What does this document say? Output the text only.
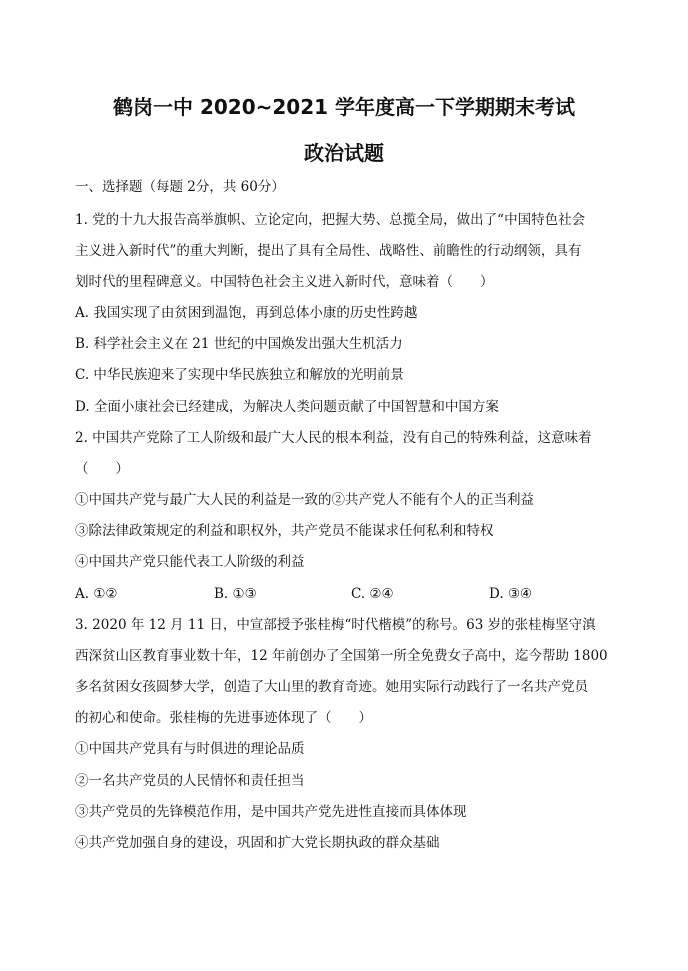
鹤岗一中 2020~2021 学年度高一下学期期末考试
政治试题
一、选择题（每题 2分，共 60分）
1. 党的十九大报告高举旗帜、立论定向，把握大势、总揽全局，做出了“中国特色社会
主义进入新时代”的重大判断，提出了具有全局性、战略性、前瞻性的行动纲领，具有
划时代的里程碑意义。中国特色社会主义进入新时代，意味着（　　）
A. 我国实现了由贫困到温饱，再到总体小康的历史性跨越
B. 科学社会主义在 21 世纪的中国焕发出强大生机活力
C. 中华民族迎来了实现中华民族独立和解放的光明前景
D. 全面小康社会已经建成，为解决人类问题贡献了中国智慧和中国方案
2. 中国共产党除了工人阶级和最广大人民的根本利益，没有自己的特殊利益，这意味着
（　　）
①中国共产党与最广大人民的利益是一致的②共产党人不能有个人的正当利益
③除法律政策规定的利益和职权外，共产党员不能谋求任何私利和特权
④中国共产党只能代表工人阶级的利益
A. ①②	B. ①③	C. ②④	D. ③④
3. 2020 年 12 月 11 日，中宣部授予张桂梅“时代楷模”的称号。63 岁的张桂梅坚守滇
西深贫山区教育事业数十年，12 年前创办了全国第一所全免费女子高中，迄今帮助 1800
多名贫困女孩圆梦大学，创造了大山里的教育奇迹。她用实际行动践行了一名共产党员
的初心和使命。张桂梅的先进事迹体现了（　　）
①中国共产党具有与时俱进的理论品质
②一名共产党员的人民情怀和责任担当
③共产党员的先锋模范作用，是中国共产党先进性直接而具体体现
④共产党加强自身的建设，巩固和扩大党长期执政的群众基础
